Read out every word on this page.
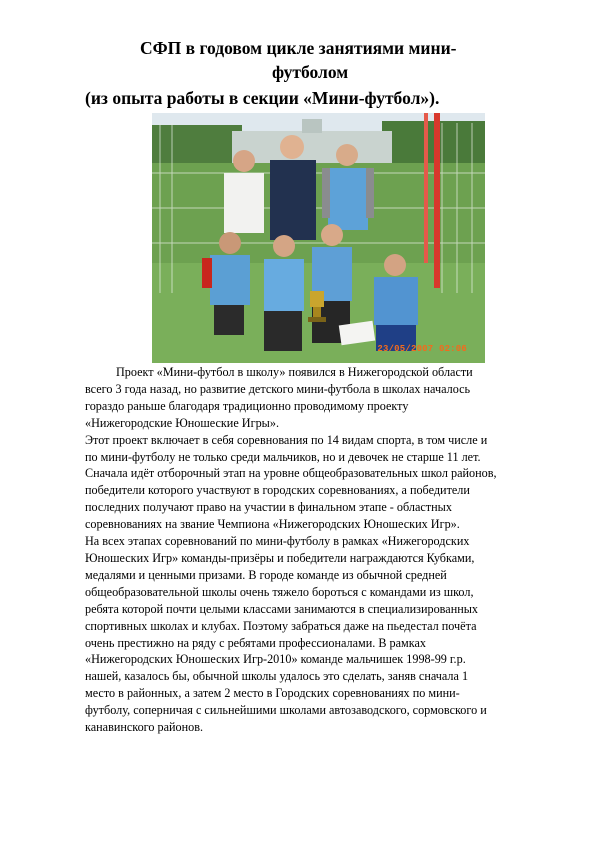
СФП в годовом цикле занятиями мини-
футболом
(из опыта работы в секции «Мини-футбол»).
23/05/2007 02:06

Проект «Мини-футбол в школу» появился в Нижегородской области

всего 3 года назад, но развитие детского мини-футбола в школах началось

гораздо раньше благодаря традиционно проводимому проекту

«Нижегородские Юношеские Игры».

Этот проект включает в себя соревнования по 14 видам спорта, в том числе и

по мини-футболу не только среди мальчиков, но и девочек не старше 11 лет.

Сначала идёт отборочный этап на уровне общеобразовательных школ районов,

победители которого участвуют в городских соревнованиях, а победители

последних получают право на участии в финальном этапе - областных

соревнованиях на звание Чемпиона «Нижегородских Юношеских Игр».

На всех этапах соревнований по мини-футболу в рамках «Нижегородских

Юношеских Игр» команды-призёры и победители награждаются Кубками,

медалями и ценными призами. В городе команде из обычной средней

общеобразовательной школы очень тяжело бороться с командами из школ,

ребята которой почти целыми классами занимаются в специализированных

спортивных школах и клубах. Поэтому забраться даже на пьедестал почёта

очень престижно на ряду с ребятами профессионалами. В рамках

«Нижегородских Юношеских Игр-2010» команде мальчишек 1998-99 г.р.

нашей, казалось бы, обычной школы удалось это сделать, заняв сначала 1

место в районных, а затем 2 место в Городских соревнованиях по мини-

футболу, соперничая с сильнейшими школами автозаводского, сормовского и

канавинского районов.
